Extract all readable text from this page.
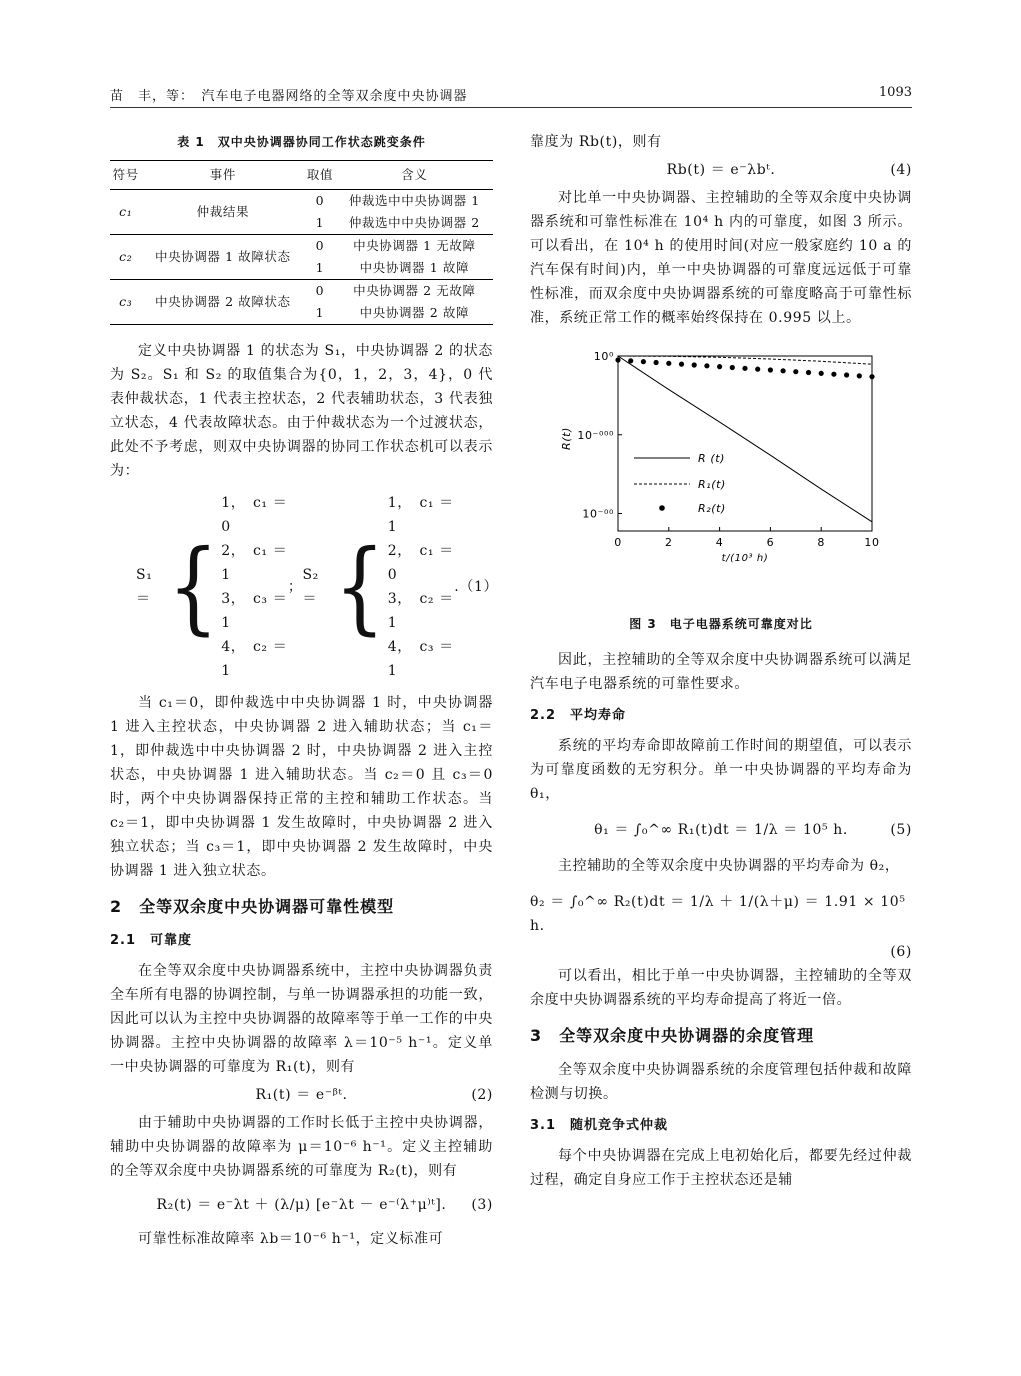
苗　丰，等：　汽车电子电器网络的全等双余度中央协调器	1093
表 1　双中央协调器协同工作状态跳变条件
符号	事件	取值	含义
c₁	仲裁结果	0	仲裁选中中央协调器 1
		1	仲裁选中中央协调器 2
c₂	中央协调器 1 故障状态	0	中央协调器 1 无故障
		1	中央协调器 1 故障
c₃	中央协调器 2 故障状态	0	中央协调器 2 无故障
		1	中央协调器 2 故障

定义中央协调器 1 的状态为 S₁，中央协调器 2 的状态为 S₂。S₁ 和 S₂ 的取值集合为{0，1，2，3，4}，0 代表仲裁状态，1 代表主控状态，2 代表辅助状态，3 代表独立状态，4 代表故障状态。由于仲裁状态为一个过渡状态，此处不予考虑，则双中央协调器的协同工作状态机可以表示为：

S₁ ＝ {
1，　c₁ ＝ 0
2，　c₁ ＝ 1
3，　c₃ ＝ 1
4，　c₂ ＝ 1
；
S₂ ＝ {
1，　c₁ ＝ 1
2，　c₁ ＝ 0
3，　c₂ ＝ 1
4，　c₃ ＝ 1
.（1）

当 c₁＝0，即仲裁选中中央协调器 1 时，中央协调器 1 进入主控状态，中央协调器 2 进入辅助状态；当 c₁＝1，即仲裁选中中央协调器 2 时，中央协调器 2 进入主控状态，中央协调器 1 进入辅助状态。当 c₂＝0 且 c₃＝0 时，两个中央协调器保持正常的主控和辅助工作状态。当 c₂＝1，即中央协调器 1 发生故障时，中央协调器 2 进入独立状态；当 c₃＝1，即中央协调器 2 发生故障时，中央协调器 1 进入独立状态。

2　全等双余度中央协调器可靠性模型
2.1　可靠度

在全等双余度中央协调器系统中，主控中央协调器负责全车所有电器的协调控制，与单一协调器承担的功能一致，因此可以认为主控中央协调器的故障率等于单一工作的中央协调器。主控中央协调器的故障率 λ＝10⁻⁵ h⁻¹。定义单一中央协调器的可靠度为 R₁(t)，则有

R₁(t) ＝ e⁻ᵝᵗ.	(2)

由于辅助中央协调器的工作时长低于主控中央协调器，辅助中央协调器的故障率为 μ＝10⁻⁶ h⁻¹。定义主控辅助的全等双余度中央协调器系统的可靠度为 R₂(t)，则有

R₂(t) ＝ e⁻λt ＋ (λ/μ) [e⁻λt － e⁻⁽λ⁺μ⁾ᵗ]. (3)

可靠性标准故障率 λb＝10⁻⁶ h⁻¹，定义标准可

靠度为 Rb(t)，则有

Rb(t) ＝ e⁻λbᵗ.	(4)

对比单一中央协调器、主控辅助的全等双余度中央协调器系统和可靠性标准在 10⁴ h 内的可靠度，如图 3 所示。可以看出，在 10⁴ h 的使用时间(对应一般家庭约 10 a 的汽车保有时间)内，单一中央协调器的可靠度远远低于可靠性标准，而双余度中央协调器系统的可靠度略高于可靠性标准，系统正常工作的概率始终保持在 0.995 以上。

10⁰
10⁻⁰⁰⁰
10⁻⁰⁰
0	2	4	6	8	10
t/(10³ h)
R(t)
R (t)
R₁(t)
R₂(t)
图 3　电子电器系统可靠度对比

因此，主控辅助的全等双余度中央协调器系统可以满足汽车电子电器系统的可靠性要求。

2.2　平均寿命

系统的平均寿命即故障前工作时间的期望值，可以表示为可靠度函数的无穷积分。单一中央协调器的平均寿命为 θ₁，

θ₁ ＝ ∫₀^∞ R₁(t)dt ＝ 1/λ ＝ 10⁵ h.	(5)

主控辅助的全等双余度中央协调器的平均寿命为 θ₂，

θ₂ ＝ ∫₀^∞ R₂(t)dt ＝ 1/λ ＋ 1/(λ＋μ) ＝ 1.91 × 10⁵ h.
(6)

可以看出，相比于单一中央协调器，主控辅助的全等双余度中央协调器系统的平均寿命提高了将近一倍。

3　全等双余度中央协调器的余度管理

全等双余度中央协调器系统的余度管理包括仲裁和故障检测与切换。

3.1　随机竞争式仲裁

每个中央协调器在完成上电初始化后，都要先经过仲裁过程，确定自身应工作于主控状态还是辅
